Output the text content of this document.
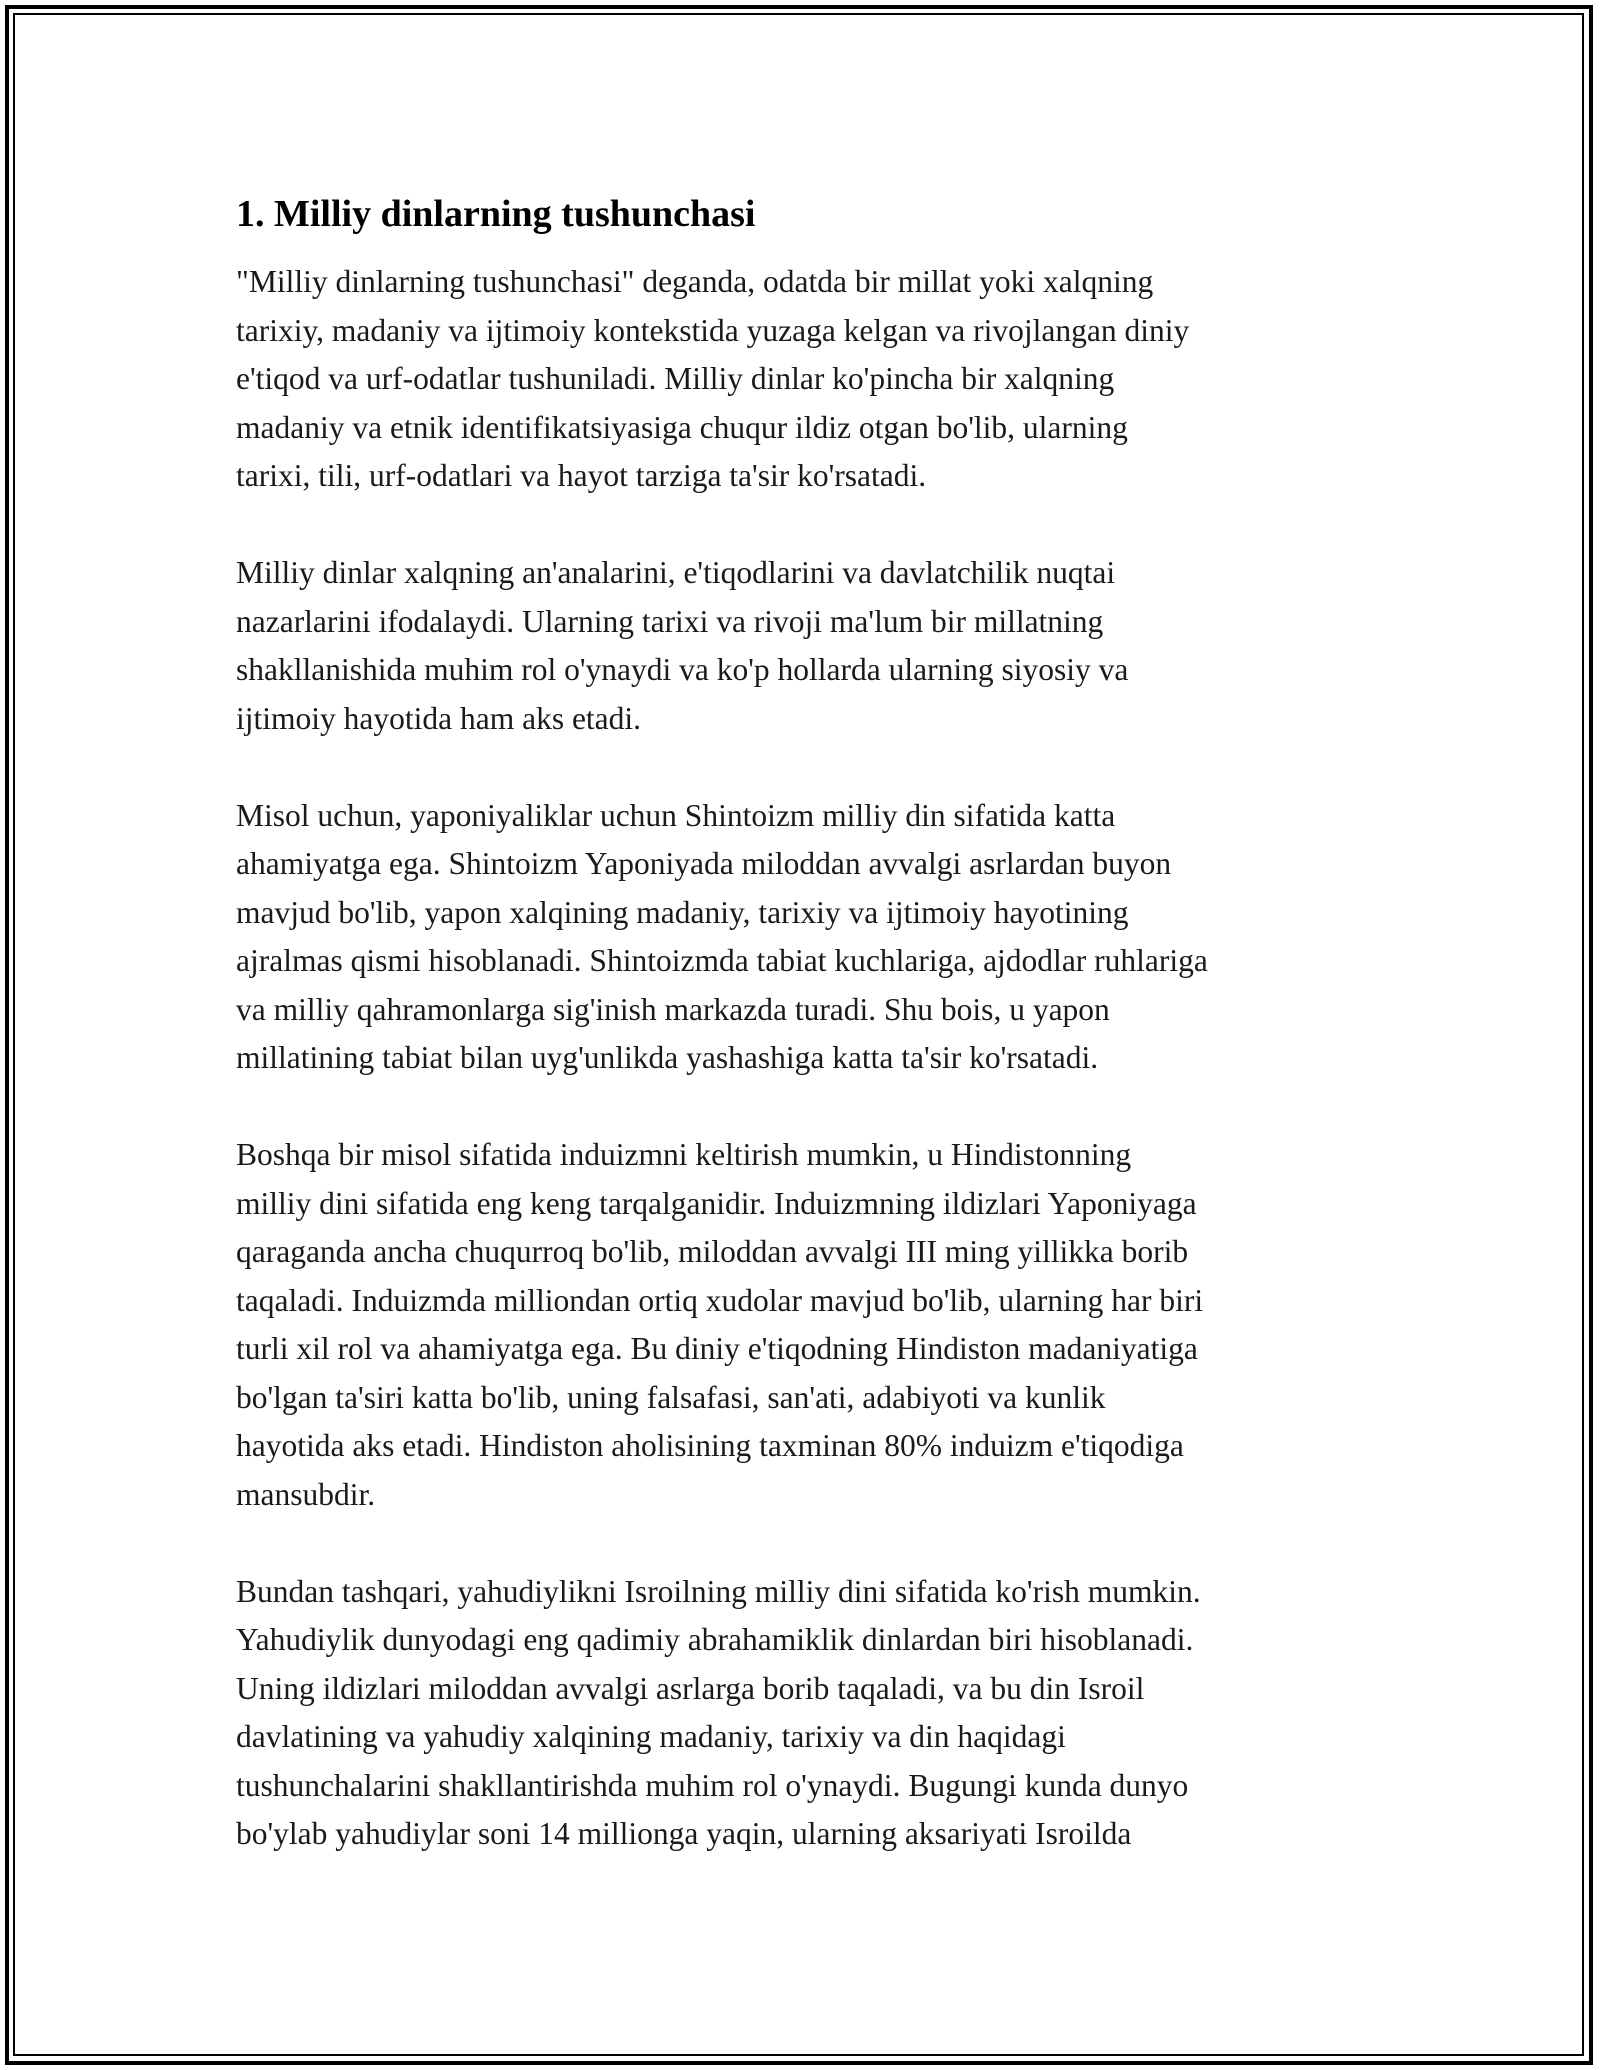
1. Milliy dinlarning tushunchasi

"Milliy dinlarning tushunchasi" deganda, odatda bir millat yoki xalqning
tarixiy, madaniy va ijtimoiy kontekstida yuzaga kelgan va rivojlangan diniy
e'tiqod va urf-odatlar tushuniladi. Milliy dinlar ko'pincha bir xalqning
madaniy va etnik identifikatsiyasiga chuqur ildiz otgan bo'lib, ularning
tarixi, tili, urf-odatlari va hayot tarziga ta'sir ko'rsatadi.

Milliy dinlar xalqning an'analarini, e'tiqodlarini va davlatchilik nuqtai
nazarlarini ifodalaydi. Ularning tarixi va rivoji ma'lum bir millatning
shakllanishida muhim rol o'ynaydi va ko'p hollarda ularning siyosiy va
ijtimoiy hayotida ham aks etadi.

Misol uchun, yaponiyaliklar uchun Shintoizm milliy din sifatida katta
ahamiyatga ega. Shintoizm Yaponiyada miloddan avvalgi asrlardan buyon
mavjud bo'lib, yapon xalqining madaniy, tarixiy va ijtimoiy hayotining
ajralmas qismi hisoblanadi. Shintoizmda tabiat kuchlariga, ajdodlar ruhlariga
va milliy qahramonlarga sig'inish markazda turadi. Shu bois, u yapon
millatining tabiat bilan uyg'unlikda yashashiga katta ta'sir ko'rsatadi.

Boshqa bir misol sifatida induizmni keltirish mumkin, u Hindistonning
milliy dini sifatida eng keng tarqalganidir. Induizmning ildizlari Yaponiyaga
qaraganda ancha chuqurroq bo'lib, miloddan avvalgi III ming yillikka borib
taqaladi. Induizmda milliondan ortiq xudolar mavjud bo'lib, ularning har biri
turli xil rol va ahamiyatga ega. Bu diniy e'tiqodning Hindiston madaniyatiga
bo'lgan ta'siri katta bo'lib, uning falsafasi, san'ati, adabiyoti va kunlik
hayotida aks etadi. Hindiston aholisining taxminan 80% induizm e'tiqodiga
mansubdir.

Bundan tashqari, yahudiylikni Isroilning milliy dini sifatida ko'rish mumkin.
Yahudiylik dunyodagi eng qadimiy abrahamiklik dinlardan biri hisoblanadi.
Uning ildizlari miloddan avvalgi asrlarga borib taqaladi, va bu din Isroil
davlatining va yahudiy xalqining madaniy, tarixiy va din haqidagi
tushunchalarini shakllantirishda muhim rol o'ynaydi. Bugungi kunda dunyo
bo'ylab yahudiylar soni 14 millionga yaqin, ularning aksariyati Isroilda
